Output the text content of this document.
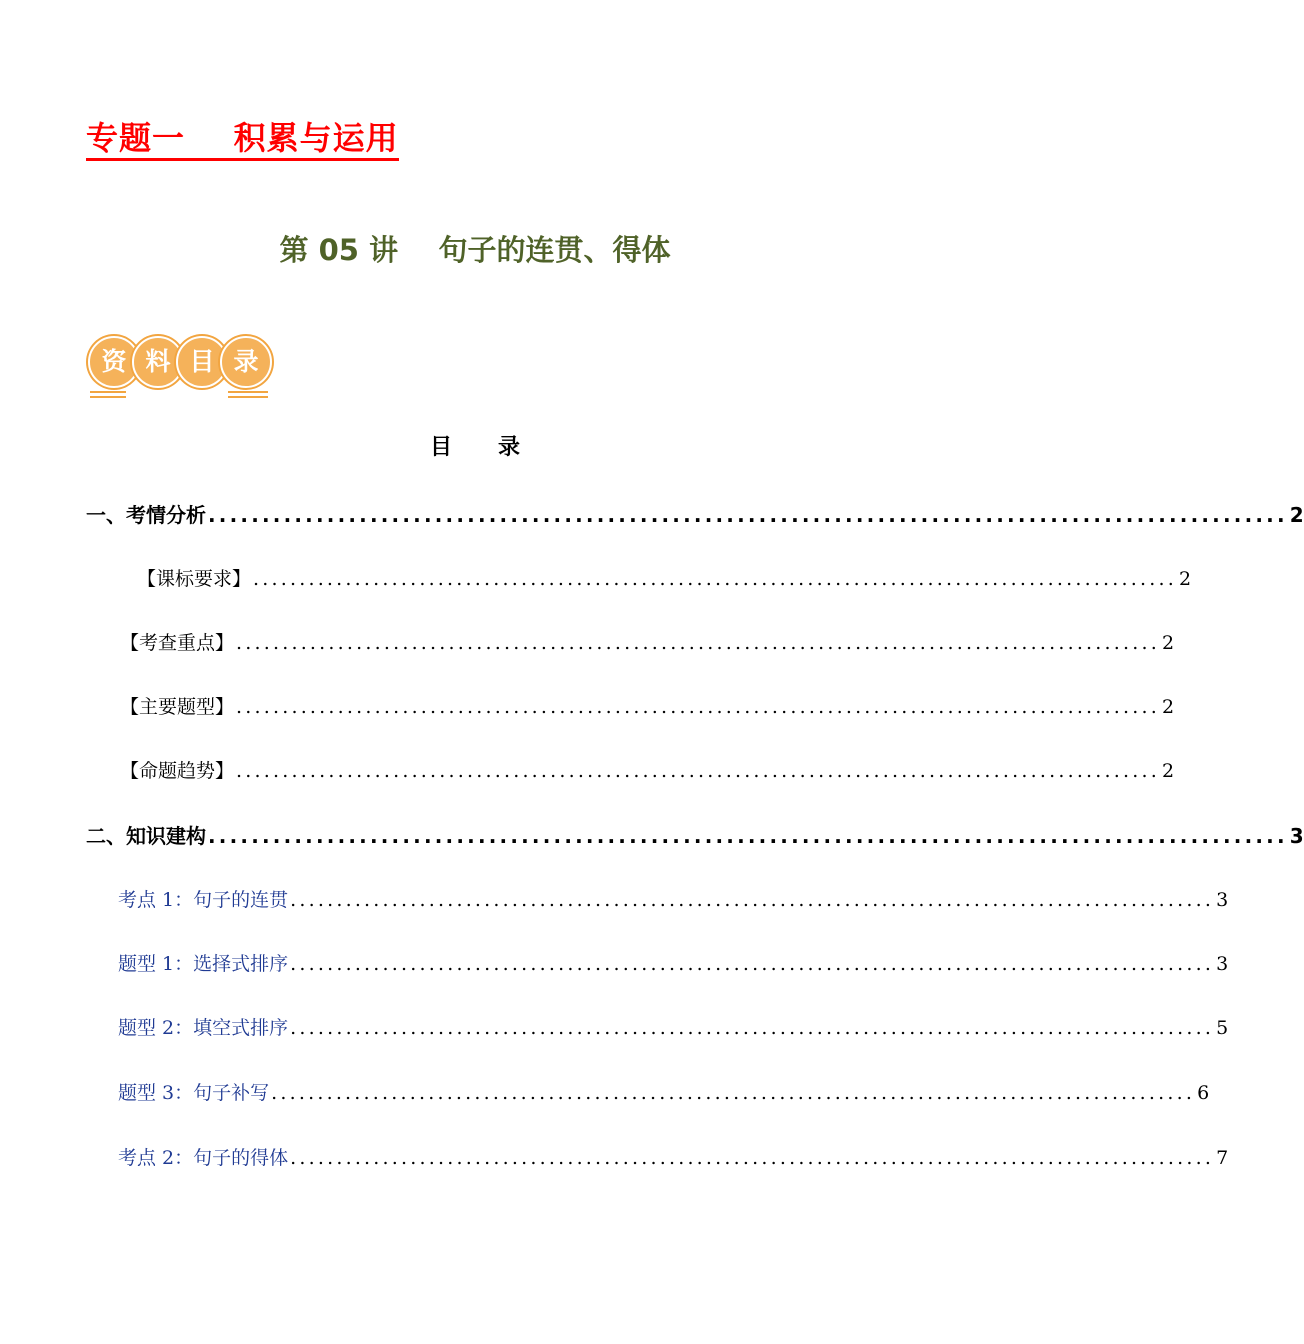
专题一    积累与运用
第 05 讲    句子的连贯、得体
资 料 目 录
目      录
一、考情分析 .................................................................................................... 2
【课标要求】 .................................................................................................... 2
【考查重点】 .................................................................................................... 2
【主要题型】 .................................................................................................... 2
【命题趋势】 .................................................................................................... 2
二、知识建构 .................................................................................................... 3
考点 1：句子的连贯 .................................................................................................... 3
题型 1：选择式排序 .................................................................................................... 3
题型 2：填空式排序 .................................................................................................... 5
题型 3：句子补写 .................................................................................................... 6
考点 2：句子的得体 .................................................................................................... 7
